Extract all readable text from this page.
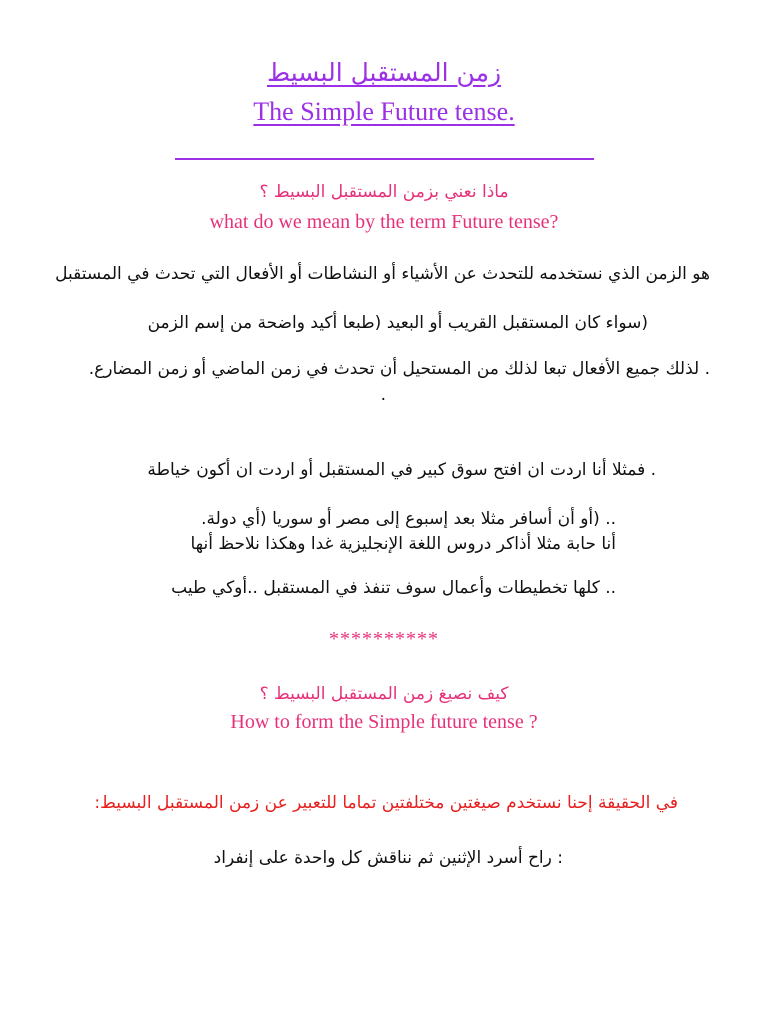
زمن المستقبل البسيط
The Simple Future tense.
ماذا نعني بزمن المستقبل البسيط ؟
what do we mean by the term Future tense?
هو الزمن الذي نستخدمه للتحدث عن الأشياء أو النشاطات أو الأفعال التي تحدث في المستقبل
(سواء كان المستقبل القريب أو البعيد (طبعا أكيد واضحة من إسم الزمن
. لذلك جميع الأفعال تبعا لذلك من المستحيل أن تحدث في زمن الماضي أو زمن المضارع.
.
. فمثلا أنا اردت ان افتح سوق كبير في المستقبل أو اردت ان أكون خياطة
.. (أو أن أسافر مثلا بعد إسبوع إلى مصر أو سوريا (أي دولة.
أنا حابة مثلا أذاكر دروس اللغة الإنجليزية غدا وهكذا نلاحظ أنها
.. كلها تخطيطات وأعمال سوف تنفذ في المستقبل ..أوكي طيب
**********
كيف نصيغ زمن المستقبل البسيط ؟
How to form the Simple future tense ?
في الحقيقة إحنا نستخدم صيغتين مختلفتين تماما للتعبير عن زمن المستقبل البسيط:
: راح أسرد الإثنين ثم نناقش كل واحدة على إنفراد
